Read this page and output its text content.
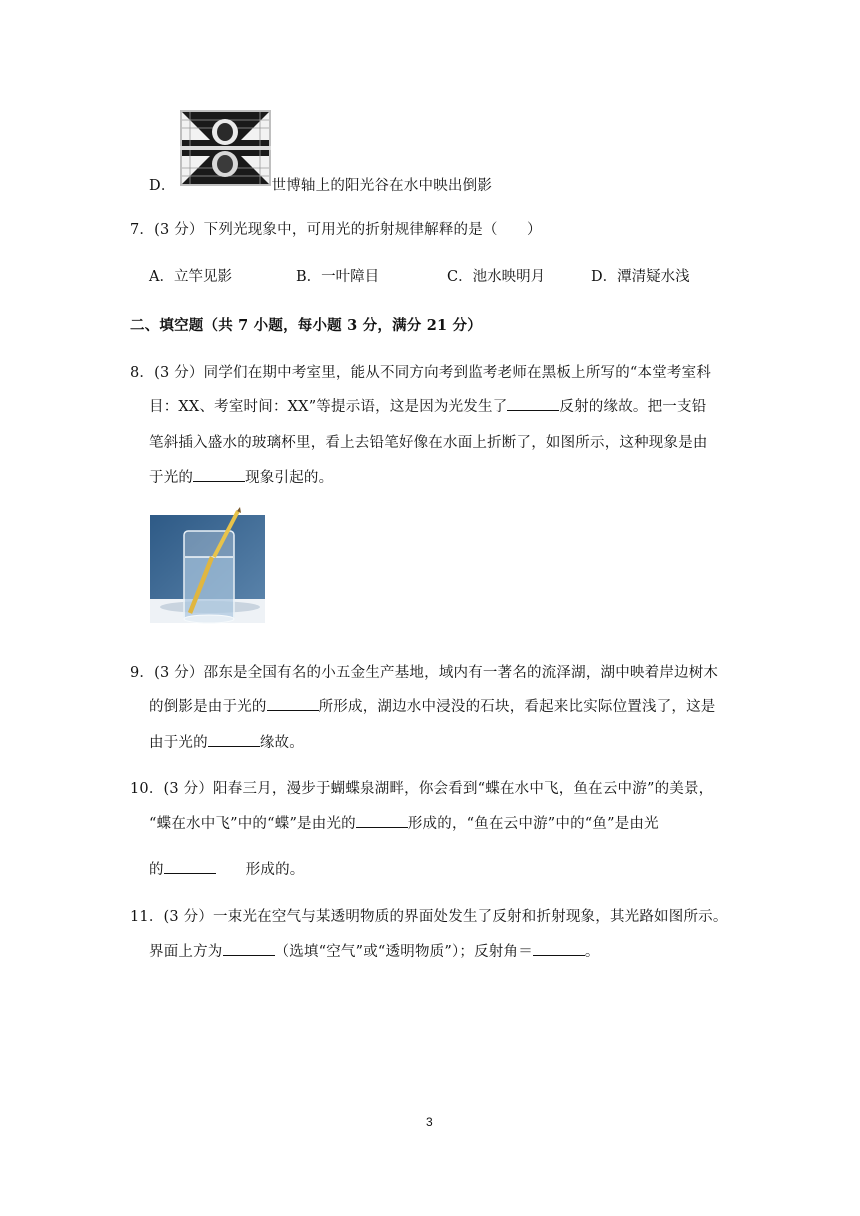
D．	世博轴上的阳光谷在水中映出倒影
7．(3 分）下列光现象中，可用光的折射规律解释的是（　　）
A．立竿见影	B．一叶障目	C．池水映明月	D．潭清疑水浅
二、填空题（共 7 小题，每小题 3 分，满分 21 分）
8．(3 分）同学们在期中考室里，能从不同方向考到监考老师在黑板上所写的“本堂考室科
目：XX、考室时间：XX”等提示语，这是因为光发生了	反射的缘故。把一支铅
笔斜插入盛水的玻璃杯里，看上去铅笔好像在水面上折断了，如图所示，这种现象是由
于光的	现象引起的。
9．(3 分）邵东是全国有名的小五金生产基地，域内有一著名的流泽湖，湖中映着岸边树木
的倒影是由于光的	所形成，湖边水中浸没的石块，看起来比实际位置浅了，这是
由于光的	缘故。
10．(3 分）阳春三月，漫步于蝴蝶泉湖畔，你会看到“蝶在水中飞，鱼在云中游”的美景，
“蝶在水中飞”中的“蝶”是由光的	形成的，“鱼在云中游”中的“鱼”是由光
的	形成的。
11．(3 分）一束光在空气与某透明物质的界面处发生了反射和折射现象，其光路如图所示。
界面上方为	（选填“空气”或“透明物质”）；反射角＝	。
3
